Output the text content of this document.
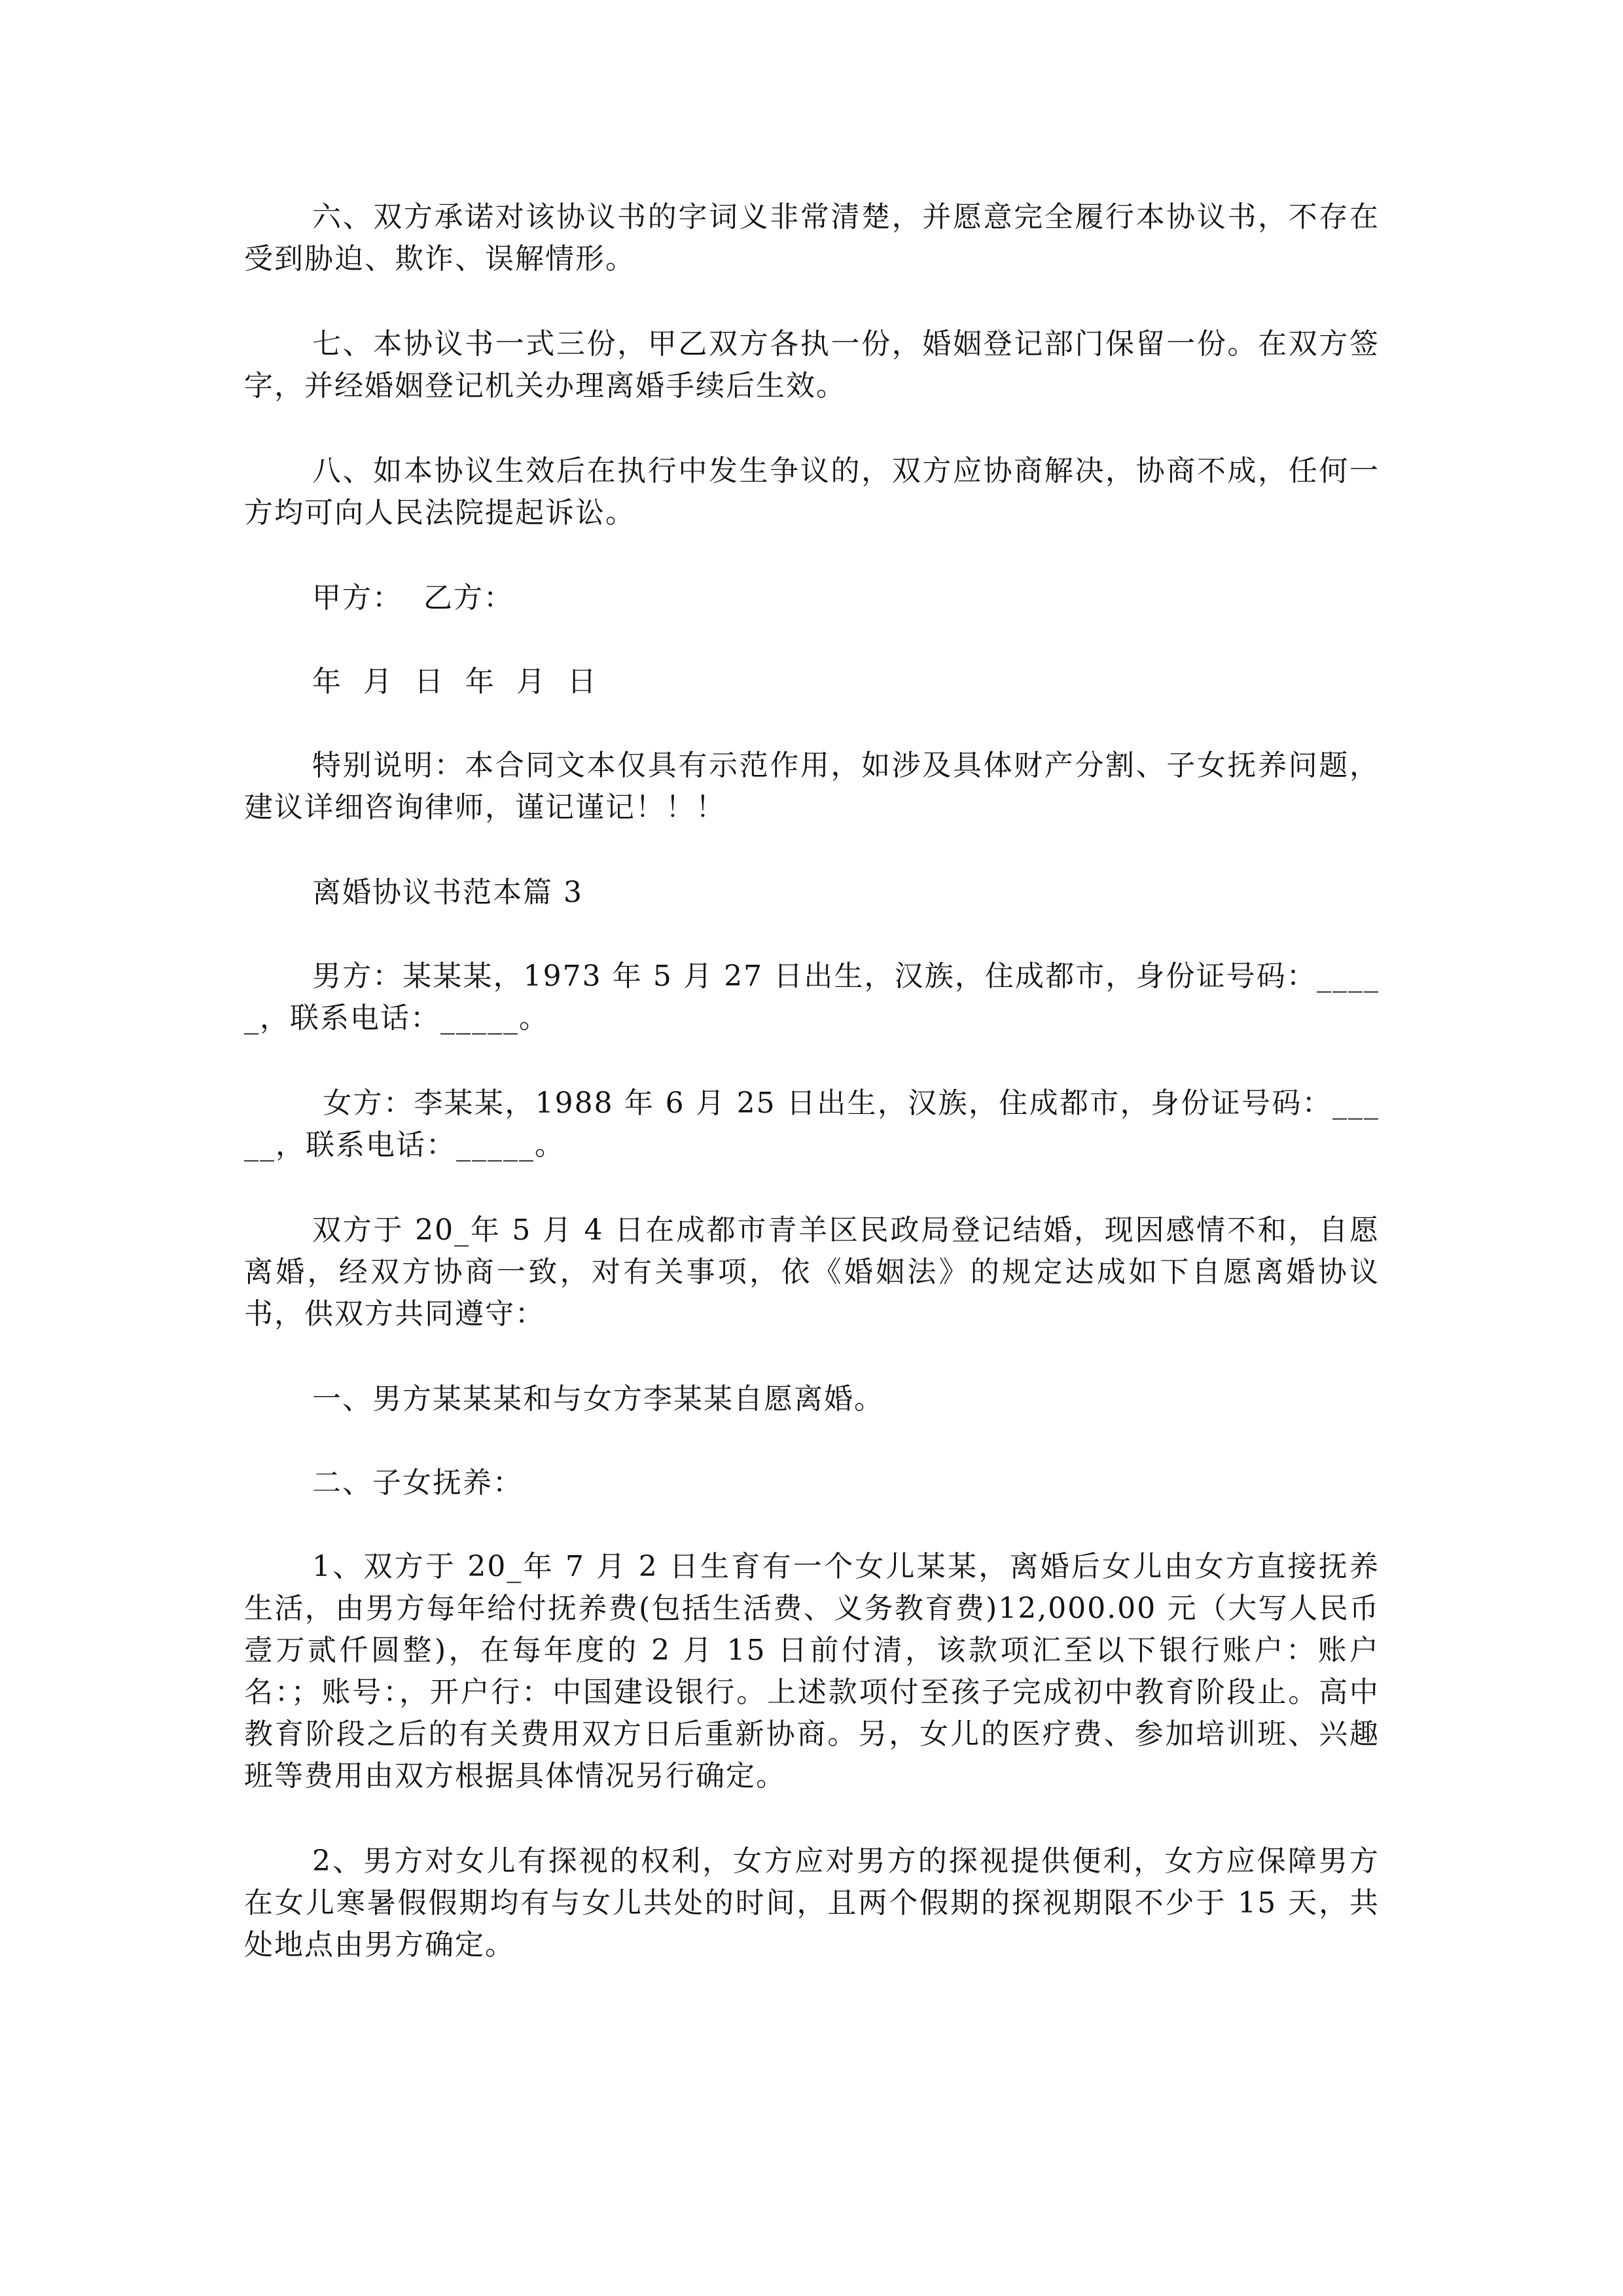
六、双方承诺对该协议书的字词义非常清楚，并愿意完全履行本协议书，不存在受到胁迫、欺诈、误解情形。

七、本协议书一式三份，甲乙双方各执一份，婚姻登记部门保留一份。在双方签字，并经婚姻登记机关办理离婚手续后生效。

八、如本协议生效后在执行中发生争议的，双方应协商解决，协商不成，任何一方均可向人民法院提起诉讼。

甲方：  乙方：

年  月  日  年  月  日

特别说明：本合同文本仅具有示范作用，如涉及具体财产分割、子女抚养问题，建议详细咨询律师，谨记谨记！！！

离婚协议书范本篇 3

男方：某某某，1973 年 5 月 27 日出生，汉族，住成都市，身份证号码：_____，联系电话：_____。

女方：李某某，1988 年 6 月 25 日出生，汉族，住成都市，身份证号码：_____，联系电话：_____。

双方于 20_年 5 月 4 日在成都市青羊区民政局登记结婚，现因感情不和，自愿离婚，经双方协商一致，对有关事项，依《婚姻法》的规定达成如下自愿离婚协议书，供双方共同遵守：

一、男方某某某和与女方李某某自愿离婚。

二、子女抚养：

1、双方于 20_年 7 月 2 日生育有一个女儿某某，离婚后女儿由女方直接抚养生活，由男方每年给付抚养费(包括生活费、义务教育费)12,000.00 元（大写人民币壹万贰仟圆整)，在每年度的 2 月 15 日前付清，该款项汇至以下银行账户：账户名：；账号：，开户行：中国建设银行。上述款项付至孩子完成初中教育阶段止。高中教育阶段之后的有关费用双方日后重新协商。另，女儿的医疗费、参加培训班、兴趣班等费用由双方根据具体情况另行确定。

2、男方对女儿有探视的权利，女方应对男方的探视提供便利，女方应保障男方在女儿寒暑假假期均有与女儿共处的时间，且两个假期的探视期限不少于 15 天，共处地点由男方确定。
